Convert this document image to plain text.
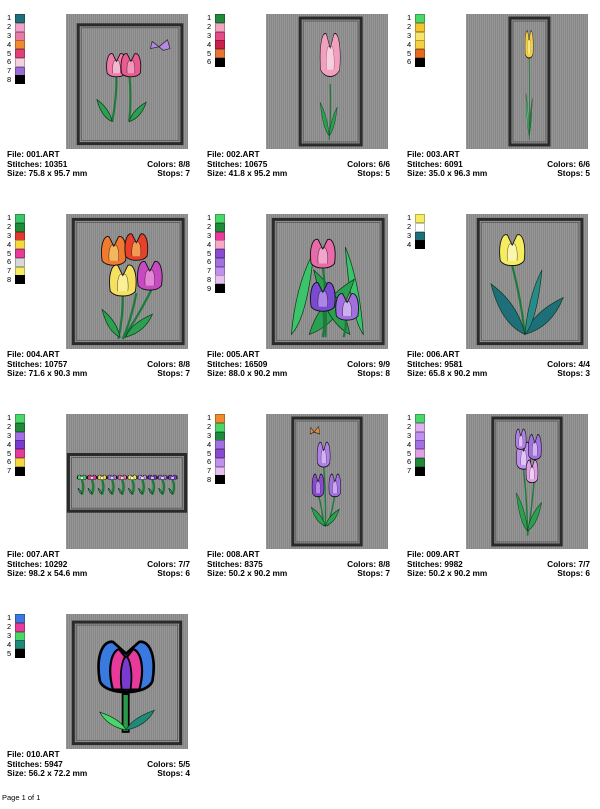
1
2
3
4
5
6
7
8
File: 001.ART
Stitches: 10351	Colors: 8/8
Size: 75.8 x 95.7 mm	Stops: 7
1
2
3
4
5
6
File: 002.ART
Stitches: 10675	Colors: 6/6
Size: 41.8 x 95.2 mm	Stops: 5
1
2
3
4
5
6
File: 003.ART
Stitches: 6091	Colors: 6/6
Size: 35.0 x 96.3 mm	Stops: 5
1
2
3
4
5
6
7
8
File: 004.ART
Stitches: 10757	Colors: 8/8
Size: 71.6 x 90.3 mm	Stops: 7
1
2
3
4
5
6
7
8
9
File: 005.ART
Stitches: 16509	Colors: 9/9
Size: 88.0 x 90.2 mm	Stops: 8
1
2
3
4
File: 006.ART
Stitches: 9581	Colors: 4/4
Size: 65.8 x 90.2 mm	Stops: 3
1
2
3
4
5
6
7
File: 007.ART
Stitches: 10292	Colors: 7/7
Size: 98.2 x 54.6 mm	Stops: 6
1
2
3
4
5
6
7
8
File: 008.ART
Stitches: 8375	Colors: 8/8
Size: 50.2 x 90.2 mm	Stops: 7
1
2
3
4
5
6
7
File: 009.ART
Stitches: 9982	Colors: 7/7
Size: 50.2 x 90.2 mm	Stops: 6
1
2
3
4
5
File: 010.ART
Stitches: 5947	Colors: 5/5
Size: 56.2 x 72.2 mm	Stops: 4
Page 1 of 1
